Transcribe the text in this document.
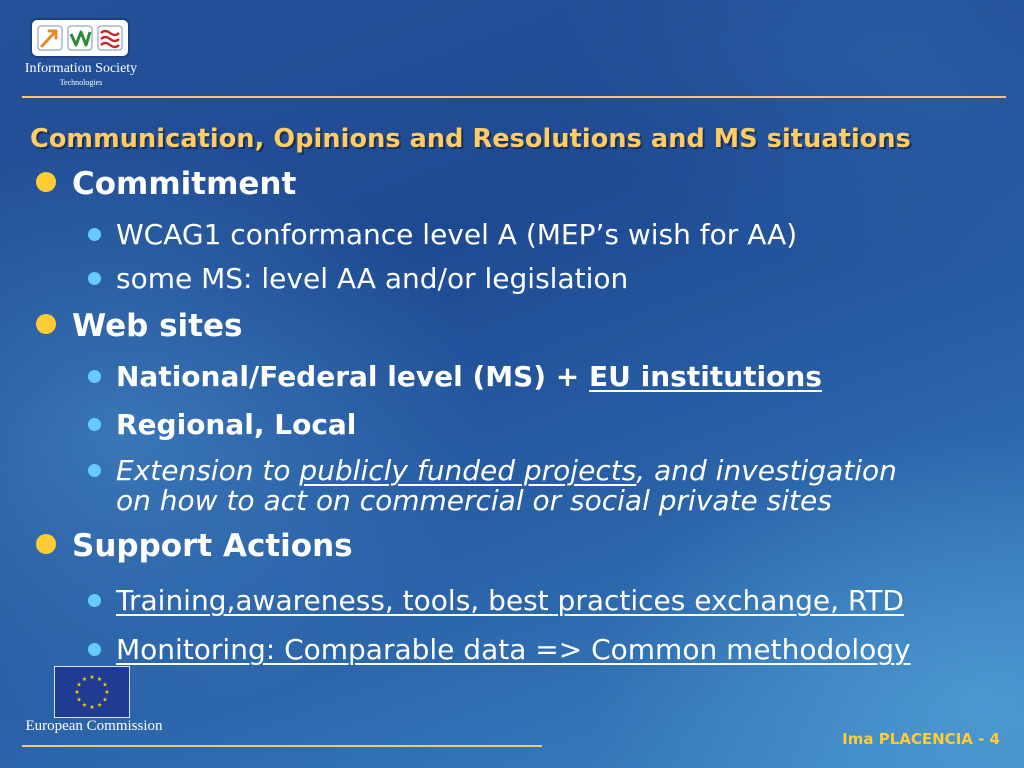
Information Society
Technologies
Communication, Opinions and Resolutions and MS situations
Commitment
WCAG1 conformance level A (MEP’s wish for AA)
some MS: level AA and/or legislation
Web sites
National/Federal level (MS) + EU institutions
Regional, Local
Extension to publicly funded projects, and investigation
on how to act on commercial or social private sites
Support Actions
Training,awareness, tools, best practices exchange, RTD
Monitoring: Comparable data => Common methodology
European Commission
Ima PLACENCIA - 4
